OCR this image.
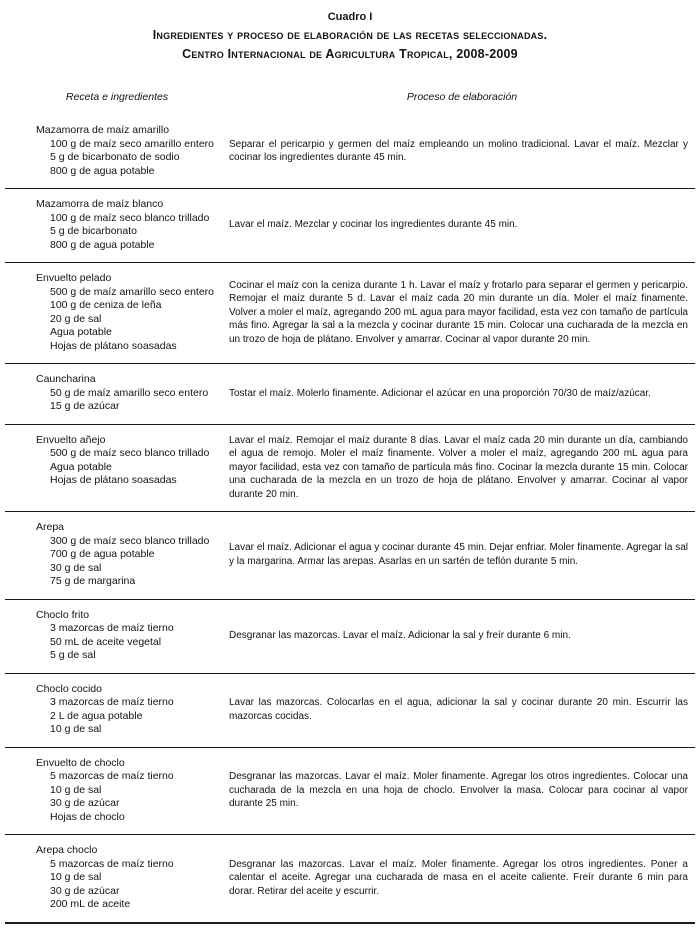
Cuadro I
Ingredientes y proceso de elaboración de las recetas seleccionadas.
Centro Internacional de Agricultura Tropical, 2008-2009
Receta e ingredientes	Proceso de elaboración
Mazamorra de maíz amarillo
100 g de maíz seco amarillo entero
5 g de bicarbonato de sodio
800 g de agua potable

Separar el pericarpio y germen del maíz empleando un molino tradicional. Lavar el maíz. Mezclar y cocinar los ingredientes durante 45 min.

Mazamorra de maíz blanco
100 g de maíz seco blanco trillado
5 g de bicarbonato
800 g de agua potable

Lavar el maíz. Mezclar y cocinar los ingredientes durante 45 min.

Envuelto pelado
500 g de maíz amarillo seco entero
100 g de ceniza de leña
20 g de sal
Agua potable
Hojas de plátano soasadas

Cocinar el maíz con la ceniza durante 1 h. Lavar el maíz y frotarlo para separar el germen y pericarpio. Remojar el maíz durante 5 d. Lavar el maíz cada 20 min durante un día. Moler el maíz finamente. Volver a moler el maíz, agregando 200 mL agua para mayor facilidad, esta vez con tamaño de partícula más fino. Agregar la sal a la mezcla y cocinar durante 15 min. Colocar una cucharada de la mezcla en un trozo de hoja de plátano. Envolver y amarrar. Cocinar al vapor durante 20 min.

Cauncharina
50 g de maíz amarillo seco entero
15 g de azúcar

Tostar el maíz. Molerlo finamente. Adicionar el azúcar en una proporción 70/30 de maíz/azúcar.

Envuelto añejo
500 g de maíz seco blanco trillado
Agua potable
Hojas de plátano soasadas

Lavar el maíz. Remojar el maíz durante 8 días. Lavar el maíz cada 20 min durante un día, cambiando el agua de remojo. Moler el maíz finamente. Volver a moler el maíz, agregando 200 mL agua para mayor facilidad, esta vez con tamaño de partícula más fino. Cocinar la mezcla durante 15 min. Colocar una cucharada de la mezcla en un trozo de hoja de plátano. Envolver y amarrar. Cocinar al vapor durante 20 min.

Arepa
300 g de maíz seco blanco trillado
700 g de agua potable
30 g de sal
75 g de margarina

Lavar el maíz. Adicionar el agua y cocinar durante 45 min. Dejar enfriar. Moler finamente. Agregar la sal y la margarina. Armar las arepas. Asarlas en un sartén de teflón durante 5 min.

Choclo frito
3 mazorcas de maíz tierno
50 mL de aceite vegetal
5 g de sal

Desgranar las mazorcas. Lavar el maíz. Adicionar la sal y freír durante 6 min.

Choclo cocido
3 mazorcas de maíz tierno
2 L de agua potable
10 g de sal

Lavar las mazorcas. Colocarlas en el agua, adicionar la sal y cocinar durante 20 min. Escurrir las mazorcas cocidas.

Envuelto de choclo
5 mazorcas de maíz tierno
10 g de sal
30 g de azúcar
Hojas de choclo

Desgranar las mazorcas. Lavar el maíz. Moler finamente. Agregar los otros ingredientes. Colocar una cucharada de la mezcla en una hoja de choclo. Envolver la masa. Colocar para cocinar al vapor durante 25 min.

Arepa choclo
5 mazorcas de maíz tierno
10 g de sal
30 g de azúcar
200 mL de aceite

Desgranar las mazorcas. Lavar el maíz. Moler finamente. Agregar los otros ingredientes. Poner a calentar el aceite. Agregar una cucharada de masa en el aceite caliente. Freír durante 6 min para dorar. Retirar del aceite y escurrir.
